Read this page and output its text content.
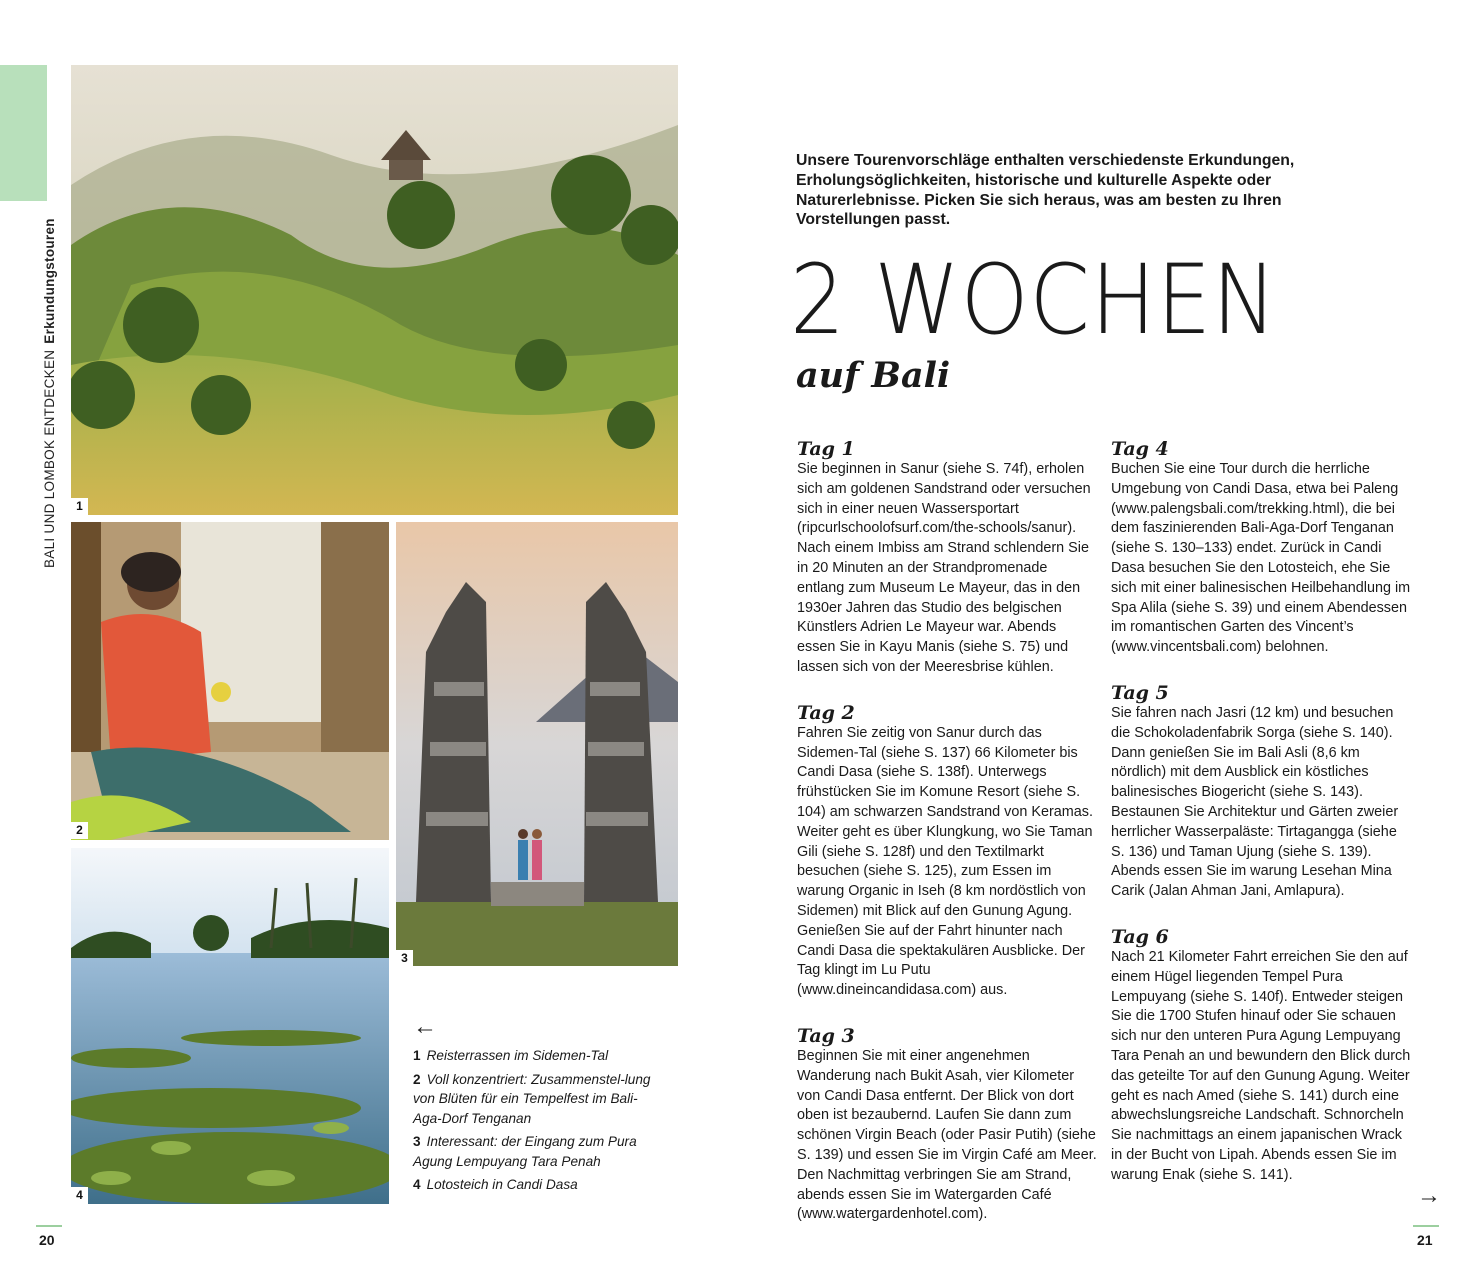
BALI UND LOMBOK ENTDECKENErkundungstouren
1
2
3
4
←
1 Reisterrassen im Sidemen-Tal
2 Voll konzentriert: Zusammenstel-lung von Blüten für ein Tempelfest im Bali-Aga-Dorf Tenganan
3 Interessant: der Eingang zum Pura Agung Lempuyang Tara Penah
4 Lotosteich in Candi Dasa
Unsere Tourenvorschläge enthalten verschiedenste Erkundungen, Erholungsöglichkeiten, historische und kulturelle Aspekte oder Naturerlebnisse. Picken Sie sich heraus, was am besten zu Ihren Vorstellungen passt.
2 WOCHEN
auf Bali
Tag 1

Sie beginnen in Sanur (siehe S. 74f), erholen sich am goldenen Sandstrand oder versuchen sich in einer neuen Wassersportart (ripcurlschoolofsurf.com/the-schools/sanur). Nach einem Imbiss am Strand schlendern Sie in 20 Minuten an der Strandpromenade entlang zum Museum Le Mayeur, das in den 1930er Jahren das Studio des belgischen Künstlers Adrien Le Mayeur war. Abends essen Sie in Kayu Manis (siehe S. 75) und lassen sich von der Meeresbrise kühlen.

Tag 2

Fahren Sie zeitig von Sanur durch das Sidemen-Tal (siehe S. 137) 66 Kilometer bis Candi Dasa (siehe S. 138f). Unterwegs frühstücken Sie im Komune Resort (siehe S. 104) am schwarzen Sandstrand von Keramas. Weiter geht es über Klungkung, wo Sie Taman Gili (siehe S. 128f) und den Textilmarkt besuchen (siehe S. 125), zum Essen im warung Organic in Iseh (8 km nordöstlich von Sidemen) mit Blick auf den Gunung Agung. Genießen Sie auf der Fahrt hinunter nach Candi Dasa die spektakulären Ausblicke. Der Tag klingt im Lu Putu (www.dineincandidasa.com) aus.

Tag 3

Beginnen Sie mit einer angenehmen Wanderung nach Bukit Asah, vier Kilometer von Candi Dasa entfernt. Der Blick von dort oben ist bezaubernd. Laufen Sie dann zum schönen Virgin Beach (oder Pasir Putih) (siehe S. 139) und essen Sie im Virgin Café am Meer. Den Nachmittag verbringen Sie am Strand, abends essen Sie im Watergarden Café (www.watergardenhotel.com).

Tag 4

Buchen Sie eine Tour durch die herrliche Umgebung von Candi Dasa, etwa bei Paleng (www.palengsbali.com/trekking.html), die bei dem faszinierenden Bali-Aga-Dorf Tenganan (siehe S. 130–133) endet. Zurück in Candi Dasa besuchen Sie den Lotosteich, ehe Sie sich mit einer balinesischen Heilbehandlung im Spa Alila (siehe S. 39) und einem Abendessen im romantischen Garten des Vincent’s (www.vincentsbali.com) belohnen.

Tag 5

Sie fahren nach Jasri (12 km) und besuchen die Schokoladenfabrik Sorga (siehe S. 140). Dann genießen Sie im Bali Asli (8,6 km nördlich) mit dem Ausblick ein köstliches balinesisches Biogericht (siehe S. 143). Bestaunen Sie Architektur und Gärten zweier herrlicher Wasserpaläste: Tirtagangga (siehe S. 136) und Taman Ujung (siehe S. 139). Abends essen Sie im warung Lesehan Mina Carik (Jalan Ahman Jani, Amlapura).

Tag 6

Nach 21 Kilometer Fahrt erreichen Sie den auf einem Hügel liegenden Tempel Pura Lempuyang (siehe S. 140f). Entweder steigen Sie die 1700 Stufen hinauf oder Sie schauen sich nur den unteren Pura Agung Lempuyang Tara Penah an und bewundern den Blick durch das geteilte Tor auf den Gunung Agung. Weiter geht es nach Amed (siehe S. 141) durch eine abwechslungsreiche Landschaft. Schnorcheln Sie nachmittags an einem japanischen Wrack in der Bucht von Lipah. Abends essen Sie im warung Enak (siehe S. 141).

→
20	21
